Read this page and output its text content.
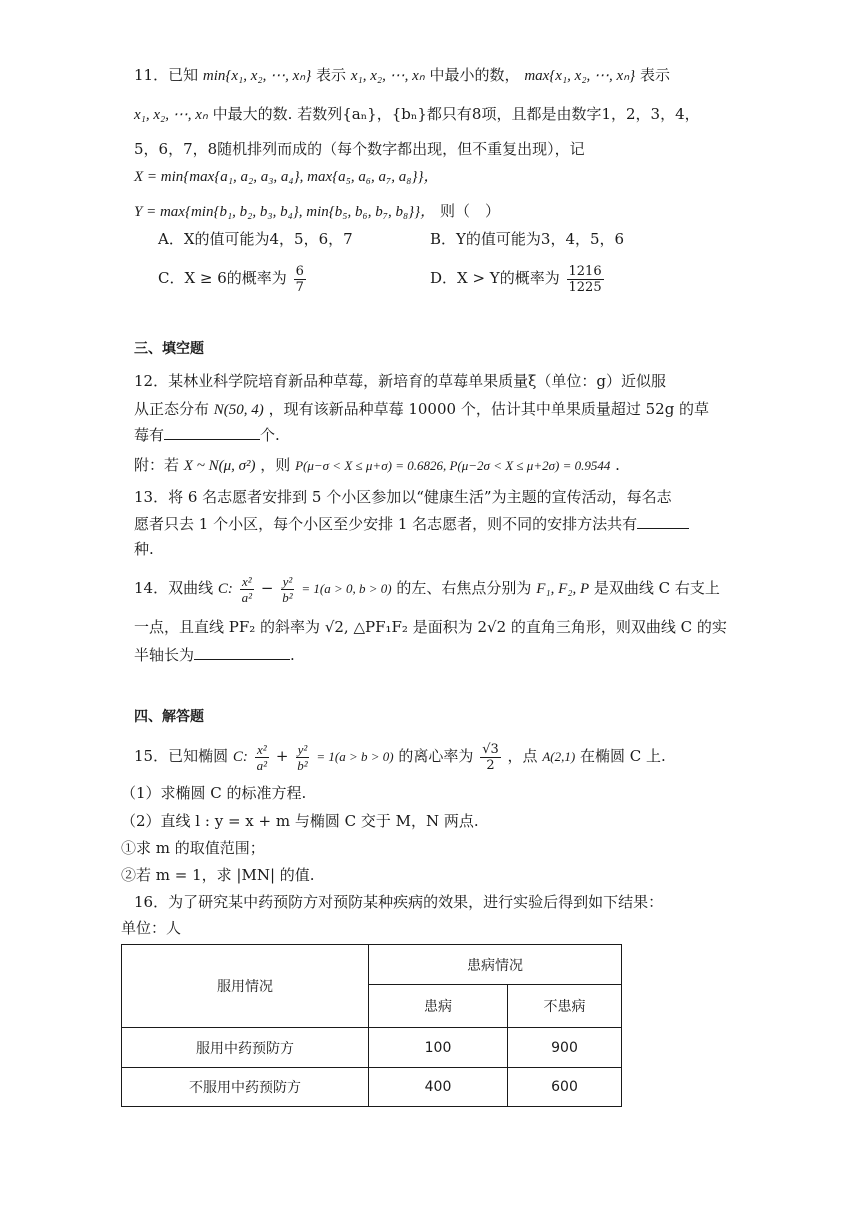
11．已知 min{x₁, x₂, ⋯, xₙ} 表示 x₁, x₂, ⋯, xₙ 中最小的数， max{x₁, x₂, ⋯, xₙ} 表示
x₁, x₂, ⋯, xₙ 中最大的数. 若数列{aₙ}，{bₙ}都只有8项，且都是由数字1，2，3，4，
5，6，7，8随机排列而成的（每个数字都出现，但不重复出现），记
X = min{max{a₁, a₂, a₃, a₄}, max{a₅, a₆, a₇, a₈}}，
Y = max{min{b₁, b₂, b₃, b₄}, min{b₅, b₆, b₇, b₈}}， 则（　）
A．X的值可能为4，5，6，7	B．Y的值可能为3，4，5，6
C．X ≥ 6的概率为 $\frac{6}{7}$	D．X > Y的概率为 $\frac{1216}{1225}$
三、填空题
12．某林业科学院培育新品种草莓，新培育的草莓单果质量ξ（单位：g）近似服
从正态分布 N(50, 4) ，现有该新品种草莓 10000 个，估计其中单果质量超过 52g 的草
莓有	个.
附：若 X ~ N(μ, σ²) ，则 P(μ−σ < X ≤ μ+σ) = 0.6826, P(μ−2σ < X ≤ μ+2σ) = 0.9544 .
13．将 6 名志愿者安排到 5 个小区参加以“健康生活”为主题的宣传活动，每名志
愿者只去 1 个小区，每个小区至少安排 1 名志愿者，则不同的安排方法共有
种.
14．双曲线 C: $\frac{\text{x²}}{\text{a²}} - \frac{\text{y²}}{\text{b²}} = 1(a > 0$, b > 0) 的左、右焦点分别为 F₁, F₂, P 是双曲线 C 右支上
一点，且直线 PF₂ 的斜率为 √2, △PF₁F₂ 是面积为 2√2 的直角三角形，则双曲线 C 的实
半轴长为	.
四、解答题
15．已知椭圆 C: $\frac{\text{x²}}{\text{a²}} + \frac{\text{y²}}{\text{b²}} = 1(a > b > 0)$ 的离心率为 $\frac{√3}{2}$ ，点 A(2,1) 在椭圆 C 上.
（1）求椭圆 C 的标准方程.
（2）直线 l : y = x + m 与椭圆 C 交于 M，N 两点.
①求 m 的取值范围；
②若 m = 1，求 |MN| 的值.
16．为了研究某中药预防方对预防某种疾病的效果，进行实验后得到如下结果：
单位：人
服用情况	患病情况	
	患病	不患病
服用中药预防方	100	900
不服用中药预防方	400	600
